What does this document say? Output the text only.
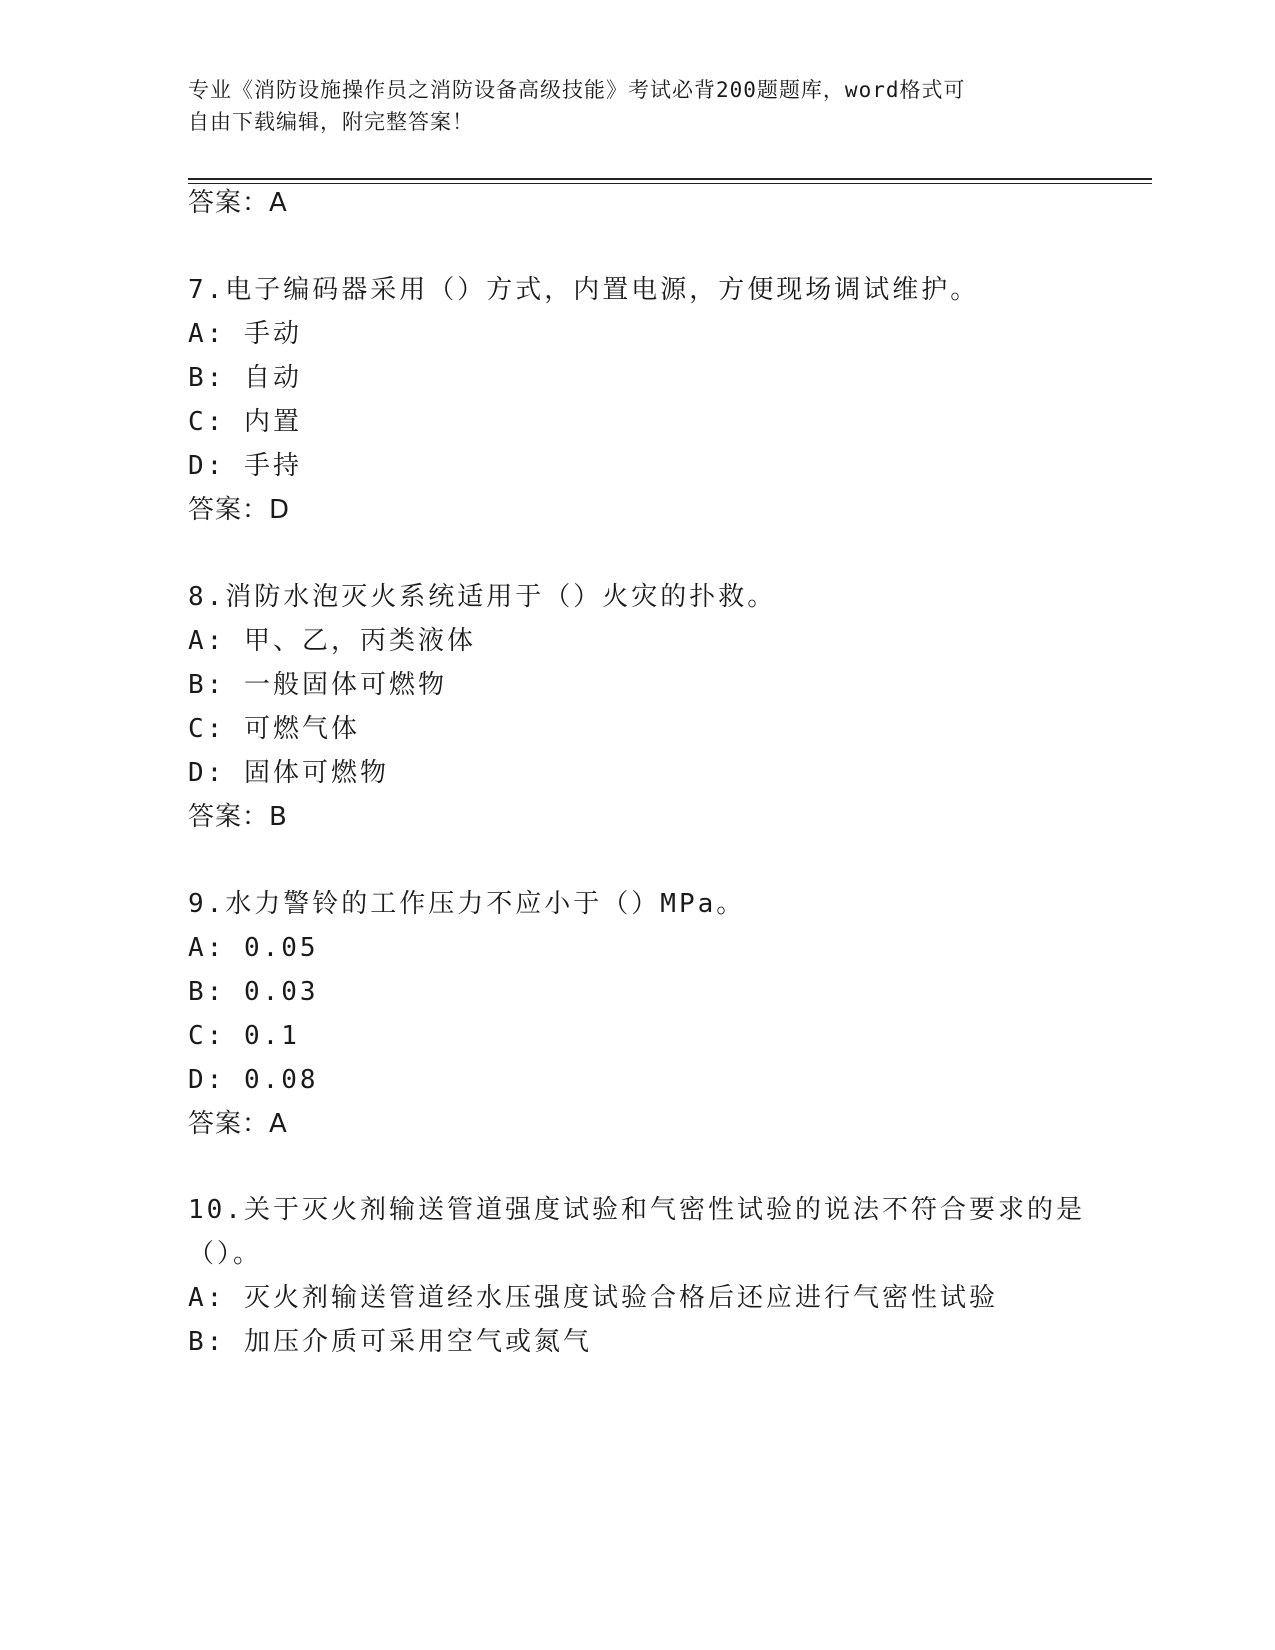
专业《消防设施操作员之消防设备高级技能》考试必背200题题库，word格式可
自由下载编辑，附完整答案！
答案：A
7.电子编码器采用（）方式，内置电源，方便现场调试维护。
A: 手动
B: 自动
C: 内置
D: 手持
答案：D
8.消防水泡灭火系统适用于（）火灾的扑救。
A: 甲、乙，丙类液体
B: 一般固体可燃物
C: 可燃气体
D: 固体可燃物
答案：B
9.水力警铃的工作压力不应小于（）MPa。
A: 0.05
B: 0.03
C: 0.1
D: 0.08
答案：A
10.关于灭火剂输送管道强度试验和气密性试验的说法不符合要求的是
（）。
A: 灭火剂输送管道经水压强度试验合格后还应进行气密性试验
B: 加压介质可采用空气或氮气
